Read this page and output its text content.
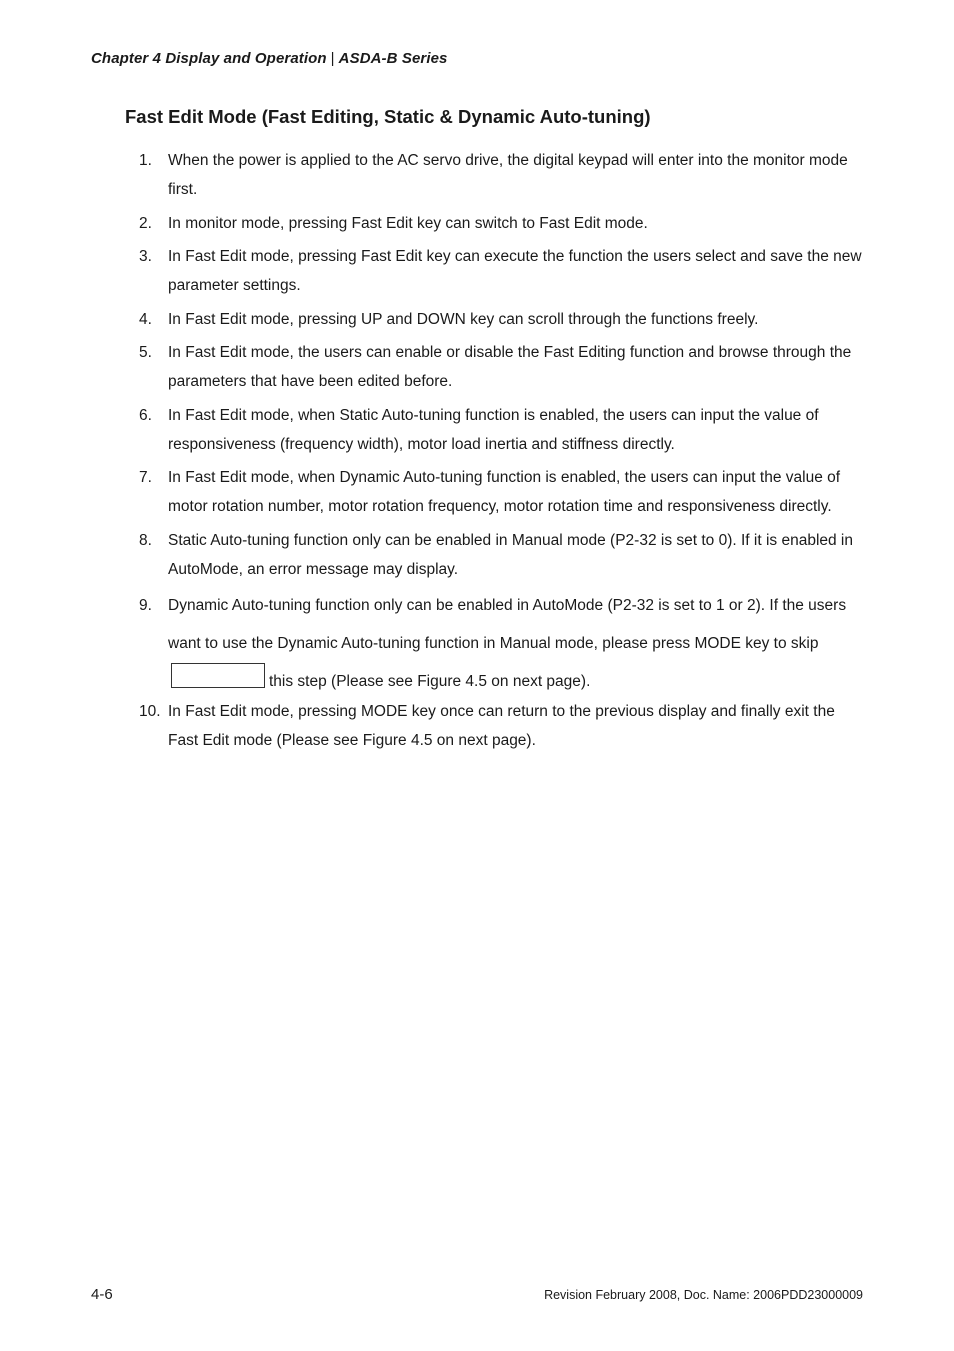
Chapter 4 Display and Operation | ASDA-B Series
Fast Edit Mode (Fast Editing, Static & Dynamic Auto-tuning)
1. When the power is applied to the AC servo drive, the digital keypad will enter into the monitor mode first.
2. In monitor mode, pressing Fast Edit key can switch to Fast Edit mode.
3. In Fast Edit mode, pressing Fast Edit key can execute the function the users select and save the new parameter settings.
4. In Fast Edit mode, pressing UP and DOWN key can scroll through the functions freely.
5. In Fast Edit mode, the users can enable or disable the Fast Editing function and browse through the parameters that have been edited before.
6. In Fast Edit mode, when Static Auto-tuning function is enabled, the users can input the value of responsiveness (frequency width), motor load inertia and stiffness directly.
7. In Fast Edit mode, when Dynamic Auto-tuning function is enabled, the users can input the value of motor rotation number, motor rotation frequency, motor rotation time and responsiveness directly.
8. Static Auto-tuning function only can be enabled in Manual mode (P2-32 is set to 0). If it is enabled in AutoMode, an error message may display.
9. Dynamic Auto-tuning function only can be enabled in AutoMode (P2-32 is set to 1 or 2). If the users want to use the Dynamic Auto-tuning function in Manual mode, please press MODE key to skipthis step (Please see Figure 4.5 on next page).
10. In Fast Edit mode, pressing MODE key once can return to the previous display and finally exit the Fast Edit mode (Please see Figure 4.5 on next page).
4-6	Revision February 2008, Doc. Name: 2006PDD23000009
